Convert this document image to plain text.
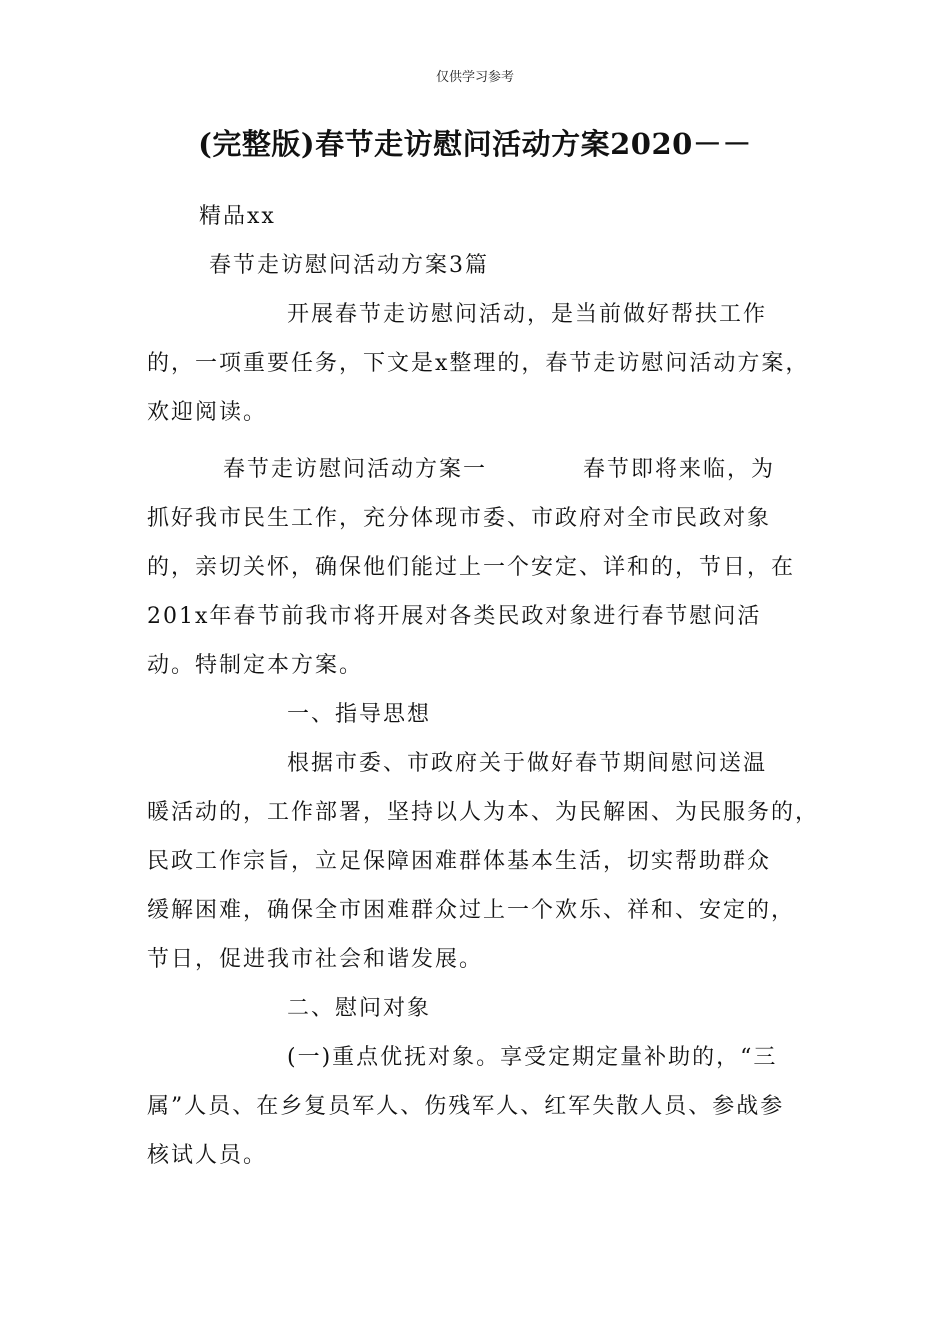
仅供学习参考
(完整版)春节走访慰问活动方案2020－－
精品xx
春节走访慰问活动方案3篇
开展春节走访慰问活动，是当前做好帮扶工作
的，一项重要任务，下文是x整理的，春节走访慰问活动方案，
欢迎阅读。
春节走访慰问活动方案一	春节即将来临，为
抓好我市民生工作，充分体现市委、市政府对全市民政对象
的，亲切关怀，确保他们能过上一个安定、详和的，节日，在
201x年春节前我市将开展对各类民政对象进行春节慰问活
动。特制定本方案。
一、指导思想
根据市委、市政府关于做好春节期间慰问送温
暖活动的，工作部署，坚持以人为本、为民解困、为民服务的，
民政工作宗旨，立足保障困难群体基本生活，切实帮助群众
缓解困难，确保全市困难群众过上一个欢乐、祥和、安定的，
节日，促进我市社会和谐发展。
二、慰问对象
(一)重点优抚对象。享受定期定量补助的，“三
属”人员、在乡复员军人、伤残军人、红军失散人员、参战参
核试人员。
